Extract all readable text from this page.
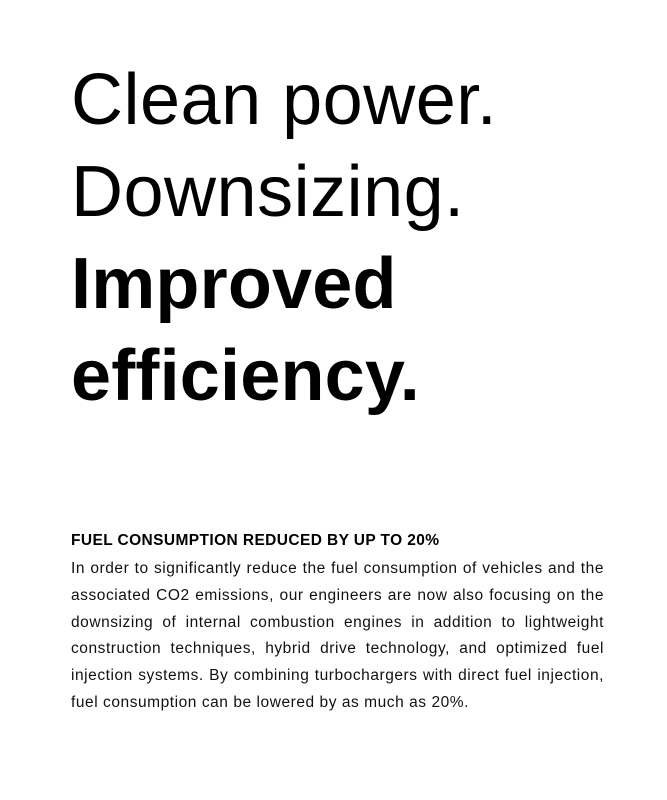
Clean power.
Downsizing.
Improved
efficiency.
FUEL CONSUMPTION REDUCED BY UP TO 20%

In order to significantly reduce the fuel consumption of vehicles and the associated CO2 emissions, our engineers are now also focusing on the downsizing of internal combustion engines in addition to lightweight construction techniques, hybrid drive technology, and optimized fuel injection systems. By combining turbochargers with direct fuel injection, fuel consumption can be lowered by as much as 20%.
